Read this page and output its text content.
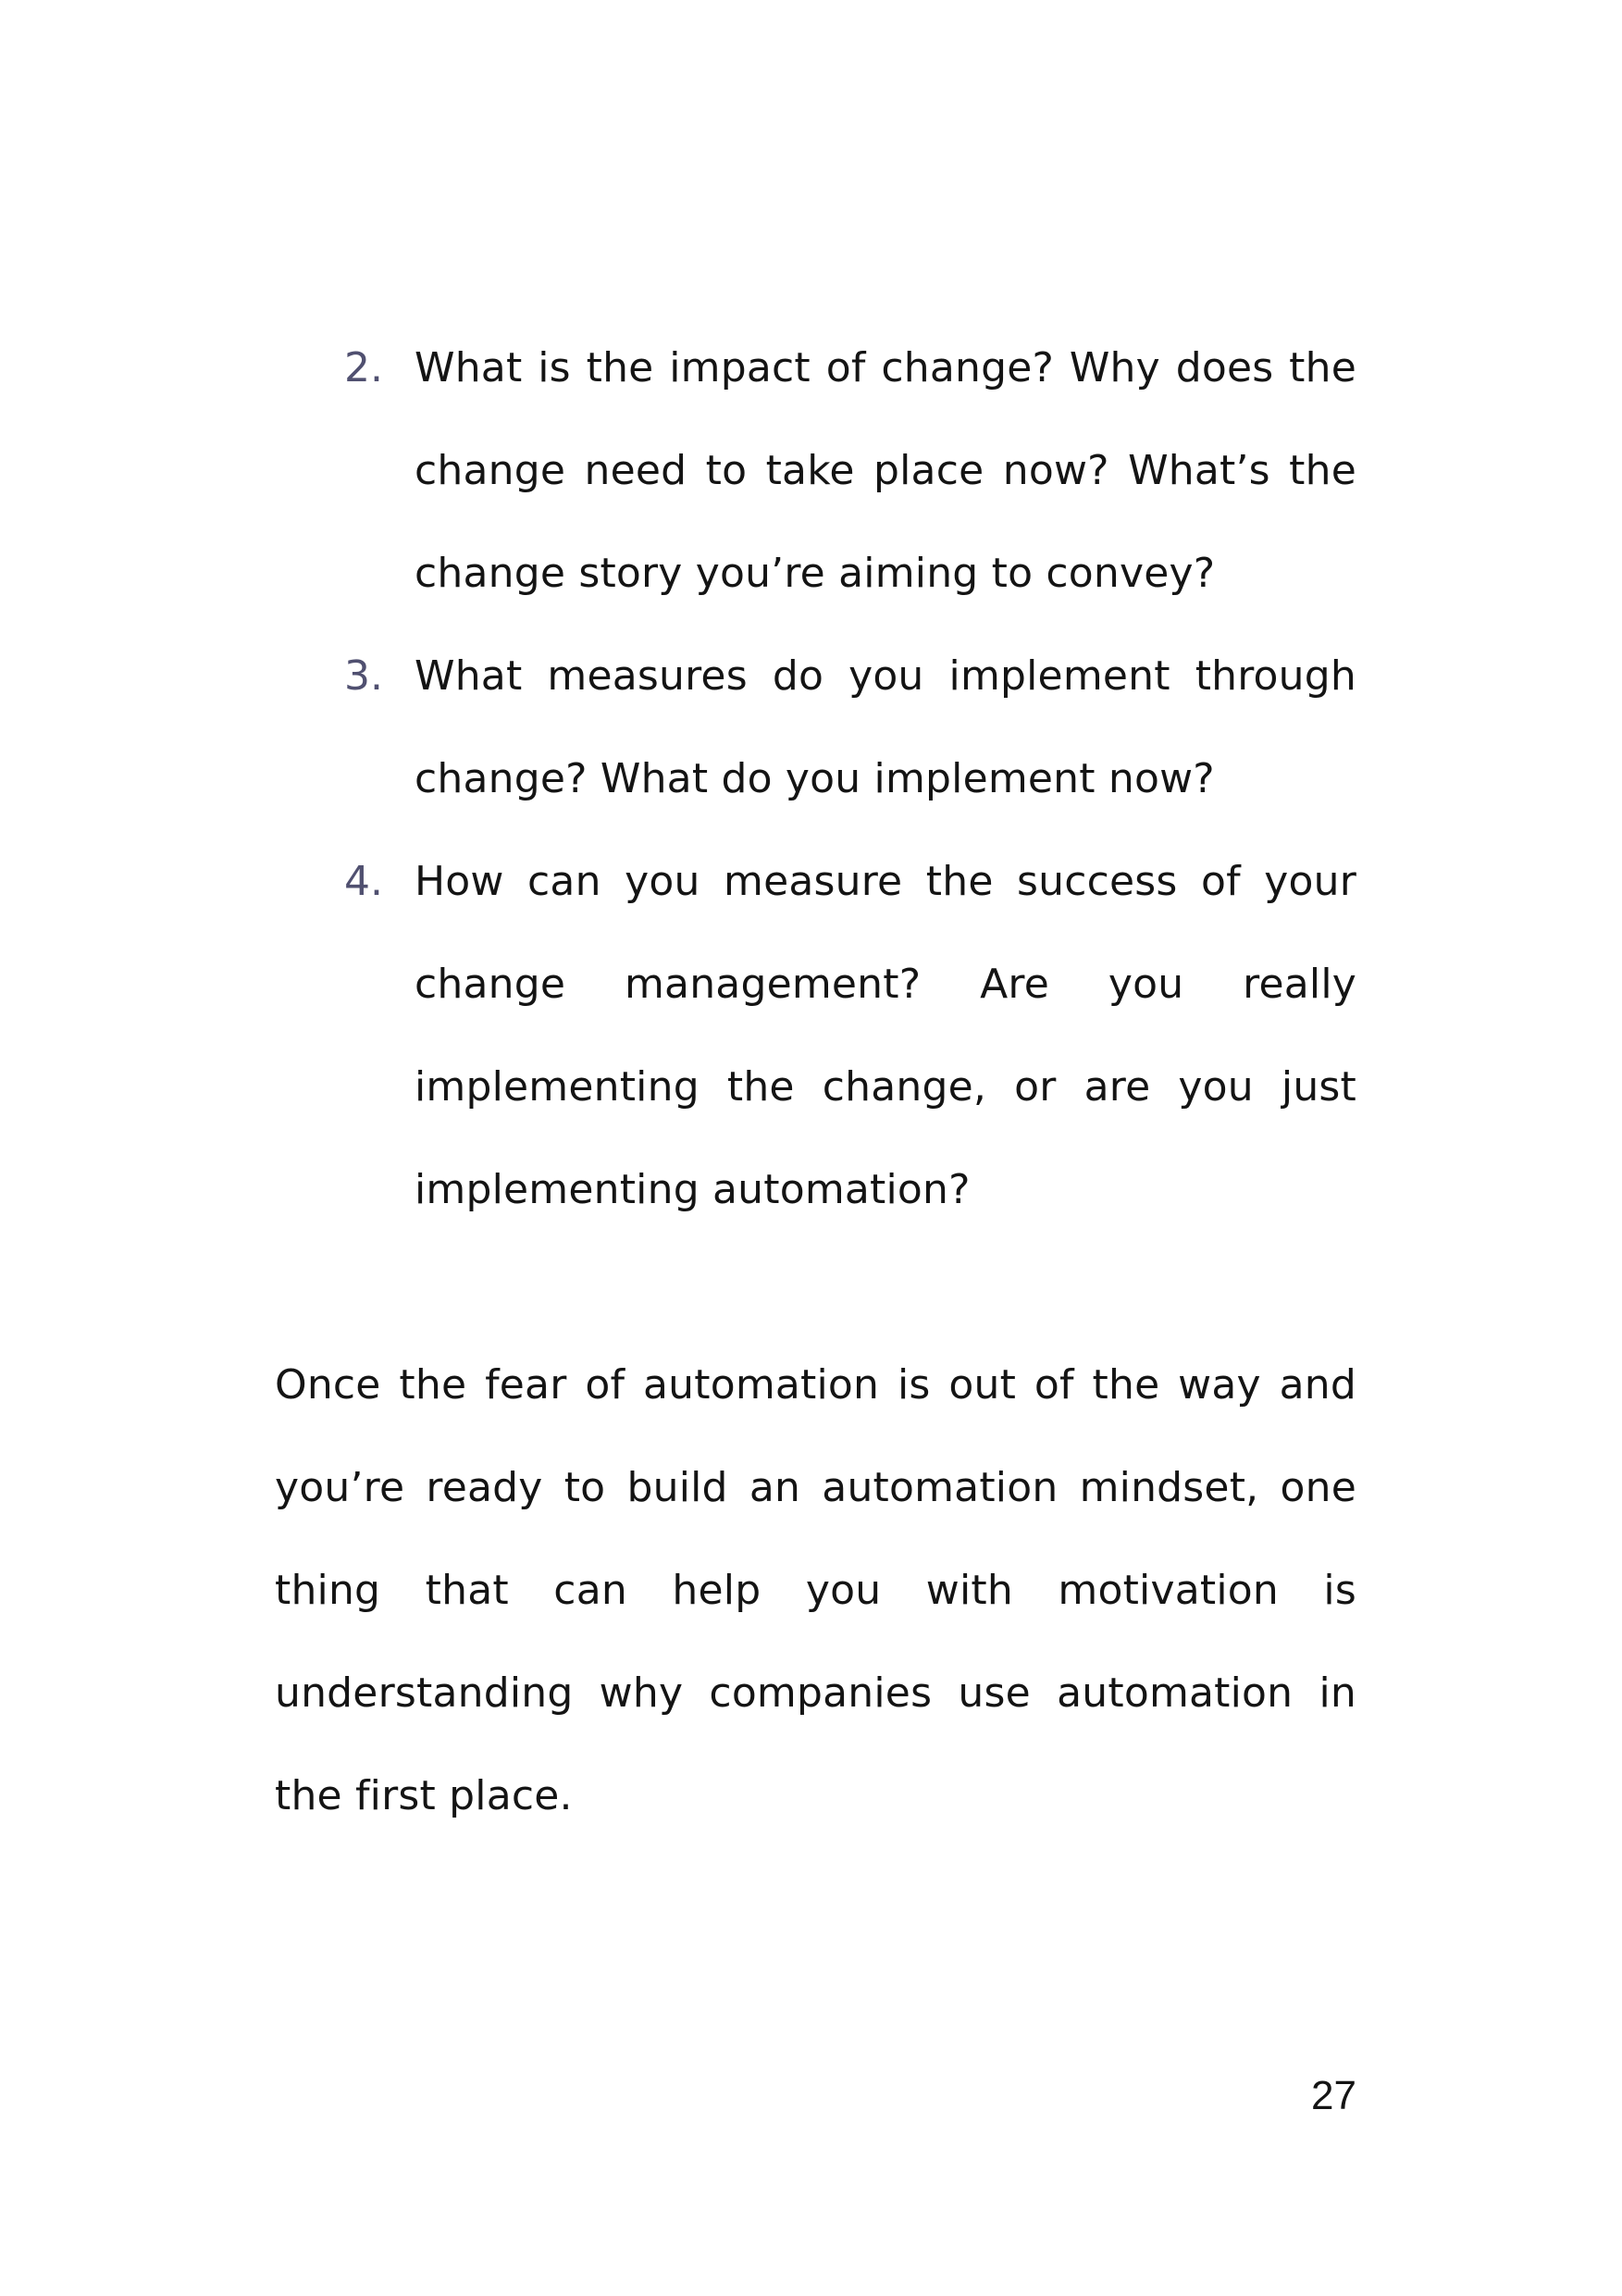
2. What is the impact of change? Why does the change need to take place now? What’s the change story you’re aiming to convey?
3. What measures do you implement through change? What do you implement now?
4. How can you measure the success of your change management? Are you really implementing the change, or are you just implementing automation?

Once the fear of automation is out of the way and you’re ready to build an automation mindset, one thing that can help you with motivation is understanding why companies use automation in the first place.

27
